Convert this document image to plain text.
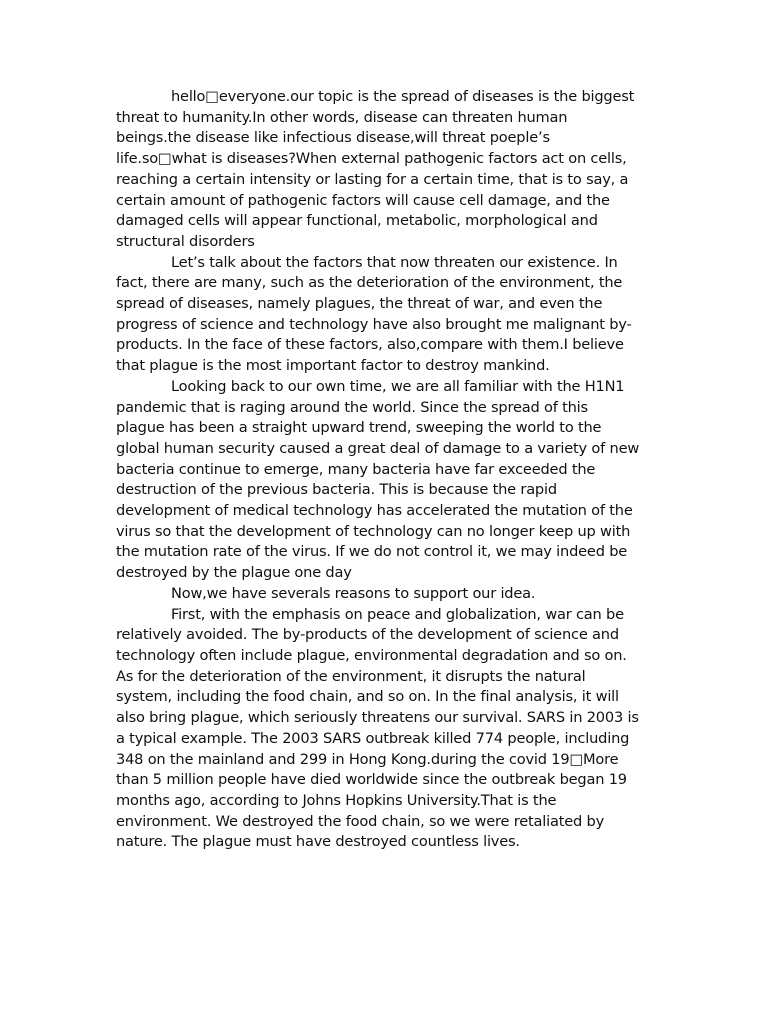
hello□everyone.our topic is the spread of diseases is the biggest
threat to humanity.In other words, disease can threaten human
beings.the disease like infectious disease,will threat poeple’s
life.so□what is diseases?When external pathogenic factors act on cells,
reaching a certain intensity or lasting for a certain time, that is to say, a
certain amount of pathogenic factors will cause cell damage, and the
damaged cells will appear functional, metabolic, morphological and
structural disorders

Let’s talk about the factors that now threaten our existence. In
fact, there are many, such as the deterioration of the environment, the
spread of diseases, namely plagues, the threat of war, and even the
progress of science and technology have also brought me malignant by-
products. In the face of these factors, also,compare with them.I believe
that plague is the most important factor to destroy mankind.

Looking back to our own time, we are all familiar with the H1N1
pandemic that is raging around the world. Since the spread of this
plague has been a straight upward trend, sweeping the world to the
global human security caused a great deal of damage to a variety of new
bacteria continue to emerge, many bacteria have far exceeded the
destruction of the previous bacteria. This is because the rapid
development of medical technology has accelerated the mutation of the
virus so that the development of technology can no longer keep up with
the mutation rate of the virus. If we do not control it, we may indeed be
destroyed by the plague one day

Now,we have severals reasons to support our idea.

First, with the emphasis on peace and globalization, war can be
relatively avoided. The by-products of the development of science and
technology often include plague, environmental degradation and so on.
As for the deterioration of the environment, it disrupts the natural
system, including the food chain, and so on. In the final analysis, it will
also bring plague, which seriously threatens our survival. SARS in 2003 is
a typical example. The 2003 SARS outbreak killed 774 people, including
348 on the mainland and 299 in Hong Kong.during the covid 19□More
than 5 million people have died worldwide since the outbreak began 19
months ago, according to Johns Hopkins University.That is the
environment. We destroyed the food chain, so we were retaliated by
nature. The plague must have destroyed countless lives.
